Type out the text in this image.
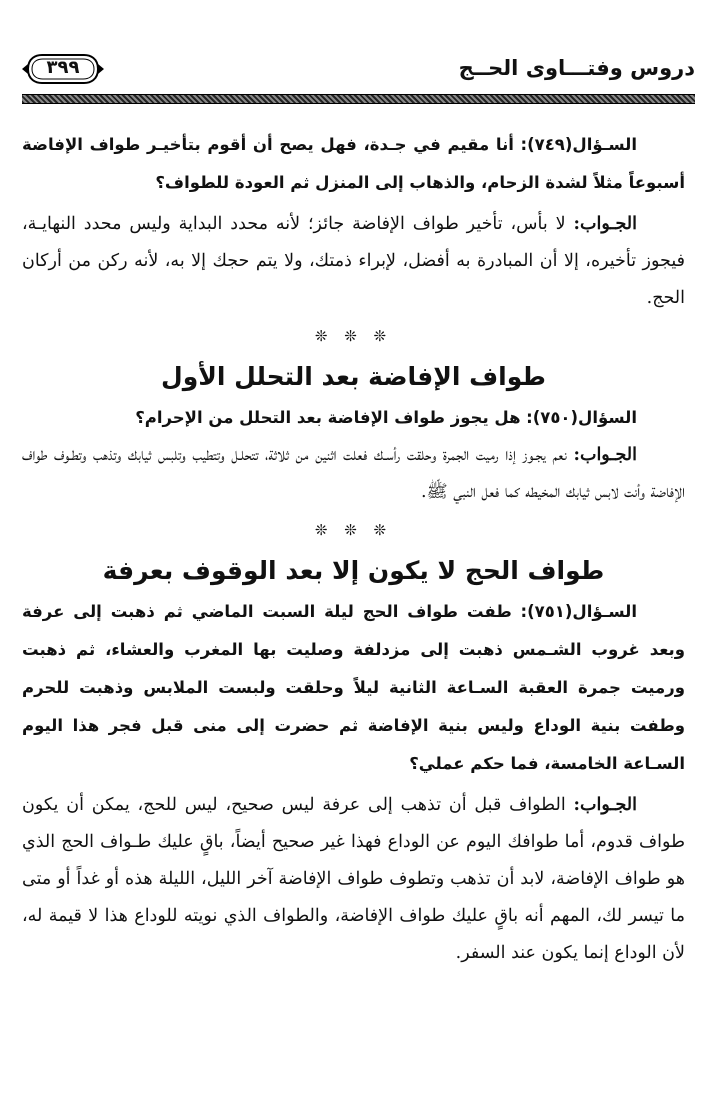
دروس وفتـــاوى الحــج
٣٩٩

السـؤال(٧٤٩): أنا مقيم في جـدة، فهل يصح أن أقوم بتأخيـر طواف الإفاضة أسبوعاً مثلاً لشدة الزحام، والذهاب إلى المنزل ثم العودة للطواف؟

الجـواب: لا بأس، تأخير طواف الإفاضة جائز؛ لأنه محدد البداية وليس محدد النهايـة، فيجوز تأخيره، إلا أن المبادرة به أفضل، لإبراء ذمتك، ولا يتم حجك إلا به، لأنه ركن من أركان الحج.

❊ ❊ ❊
طواف الإفاضة بعد التحلل الأول

السؤال(٧٥٠): هل يجوز طواف الإفاضة بعد التحلل من الإحرام؟

الجـواب: نعم يجـوز إذا رميت الجمرة وحلقت رأسـك فعلت اثنين من ثلاثة، تتحلـل وتتطيب وتلبس ثيابك وتذهب وتطـوف طواف الإفاضة وأنت لابس ثيابك المخيطه كما فعل النبي ﷺ.

❊ ❊ ❊
طواف الحج لا يكون إلا بعد الوقوف بعرفة

السـؤال(٧٥١): طفت طواف الحج ليلة السبت الماضي ثم ذهبت إلى عرفة وبعد غروب الشـمس ذهبت إلى مزدلفة وصليت بها المغرب والعشاء، ثم ذهبت ورميت جمرة العقبة السـاعة الثانية ليلاً وحلقت ولبست الملابس وذهبت للحرم وطفت بنية الوداع وليس بنية الإفاضة ثم حضرت إلى منى قبل فجر هذا اليوم السـاعة الخامسة، فما حكم عملي؟

الجـواب: الطواف قبل أن تذهب إلى عرفة ليس صحيح، ليس للحج، يمكن أن يكون طواف قدوم، أما طوافك اليوم عن الوداع فهذا غير صحيح أيضاً، باقٍ عليك طـواف الحج الذي هو طواف الإفاضة، لابد أن تذهب وتطوف طواف الإفاضة آخر الليل، الليلة هذه أو غداً أو متى ما تيسر لك، المهم أنه باقٍ عليك طواف الإفاضة، والطواف الذي نويته للوداع هذا لا قيمة له، لأن الوداع إنما يكون عند السفر.
